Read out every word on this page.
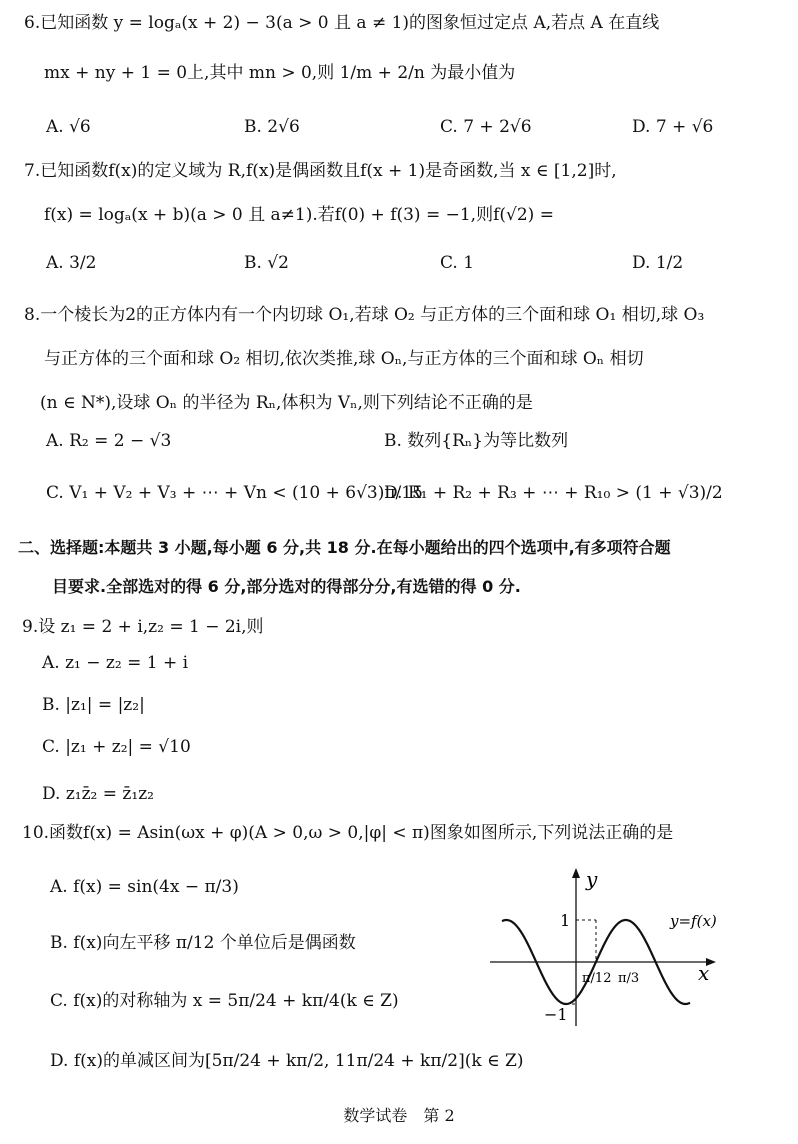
6.已知函数 y = logₐ(x + 2) − 3(a > 0 且 a ≠ 1)的图象恒过定点 A,若点 A 在直线
mx + ny + 1 = 0上,其中 mn > 0,则 1/m + 2/n 为最小值为
A. √6	B. 2√6	C. 7 + 2√6	D. 7 + √6
7.已知函数f(x)的定义域为 R,f(x)是偶函数且f(x + 1)是奇函数,当 x ∈ [1,2]时,
f(x) = logₐ(x + b)(a > 0 且 a≠1).若f(0) + f(3) = −1,则f(√2) =
A. 3/2	B. √2	C. 1	D. 1/2
8.一个棱长为2的正方体内有一个内切球 O₁,若球 O₂ 与正方体的三个面和球 O₁ 相切,球 O₃
与正方体的三个面和球 O₂ 相切,依次类推,球 Oₙ,与正方体的三个面和球 Oₙ 相切
(n ∈ N*),设球 Oₙ 的半径为 Rₙ,体积为 Vₙ,则下列结论不正确的是
A. R₂ = 2 − √3	B. 数列{Rₙ}为等比数列
C. V₁ + V₂ + V₃ + ⋯ + Vn < (10 + 6√3)π/15
D. R₁ + R₂ + R₃ + ⋯ + R₁₀ > (1 + √3)/2
二、选择题:本题共 3 小题,每小题 6 分,共 18 分.在每小题给出的四个选项中,有多项符合题
目要求.全部选对的得 6 分,部分选对的得部分分,有选错的得 0 分.
9.设 z₁ = 2 + i,z₂ = 1 − 2i,则
A. z₁ − z₂ = 1 + i
B. |z₁| = |z₂|
C. |z₁ + z₂| = √10
D. z₁z̄₂ = z̄₁z₂
10.函数f(x) = Asin(ωx + φ)(A > 0,ω > 0,|φ| < π)图象如图所示,下列说法正确的是
A. f(x) = sin(4x − π/3)
B. f(x)向左平移 π/12 个单位后是偶函数
C. f(x)的对称轴为 x = 5π/24 + kπ/4(k ∈ Z)
D. f(x)的单减区间为[5π/24 + kπ/2, 11π/24 + kπ/2](k ∈ Z)
y
x
1
−1
y=f(x)
π/12 π/3
数学试卷　第 2
